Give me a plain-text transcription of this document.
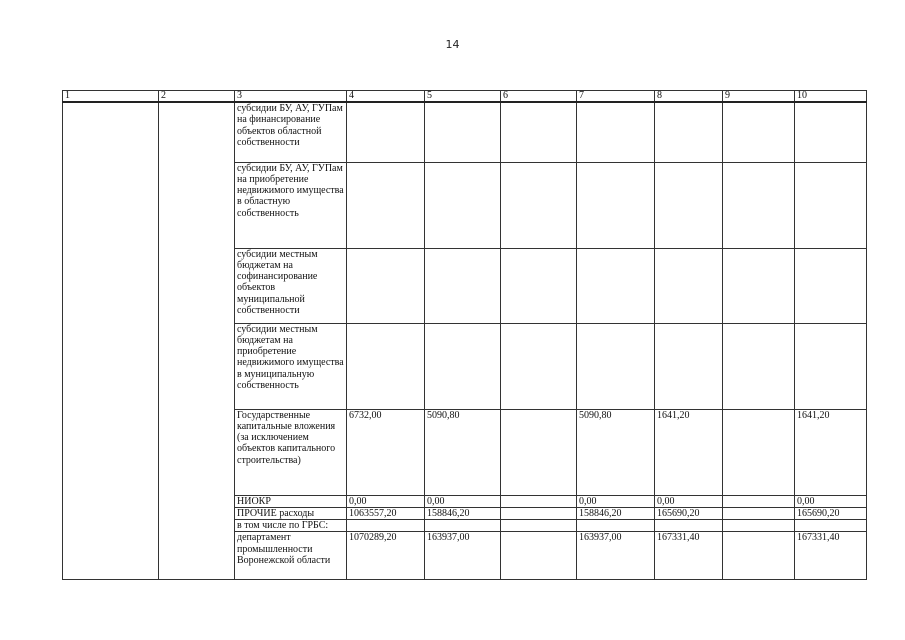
14
1	2	3	4	5	6	7	8	9	10
		субсидии БУ, АУ, ГУПам на финансирование объектов областной собственности							
		субсидии БУ, АУ, ГУПам на приобретение недвижимого имущества в областную собственность							
		субсидии местным бюджетам на софинансирование объектов муниципальной собственности							
		субсидии местным бюджетам на приобретение недвижимого имущества в муниципальную собственность							
		Государственные капитальные вложения (за исключением объектов капитального строительства)	6732,00	5090,80		5090,80	1641,20		1641,20
		НИОКР	0,00	0,00		0,00	0,00		0,00
		ПРОЧИЕ расходы	1063557,20	158846,20		158846,20	165690,20		165690,20
		в том числе по ГРБС:							
		департамент промышленности Воронежской области	1070289,20	163937,00		163937,00	167331,40		167331,40
